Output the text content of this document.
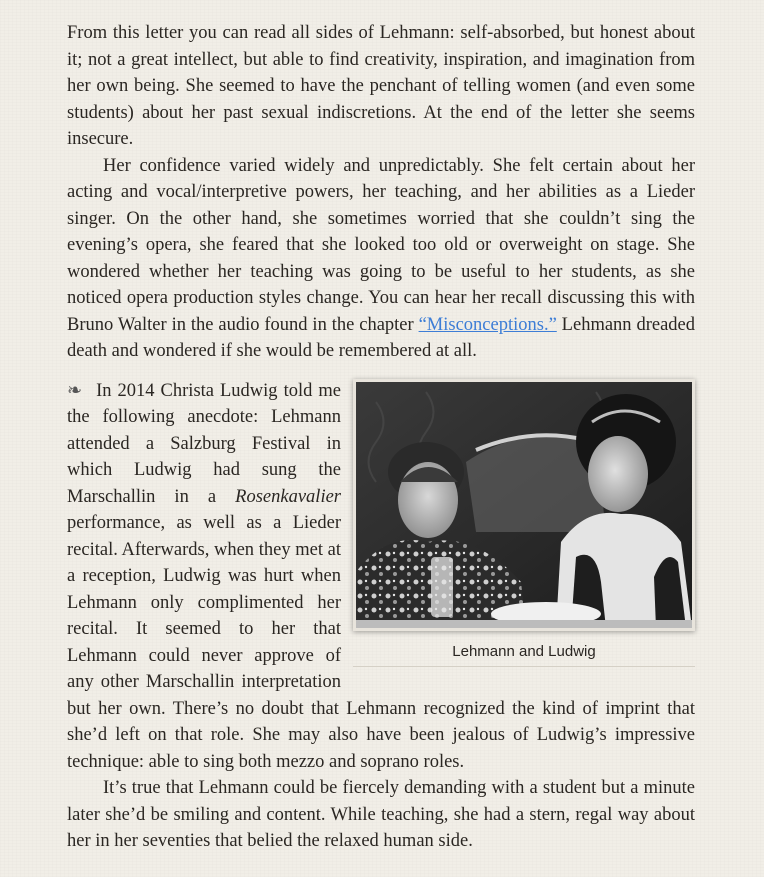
From this letter you can read all sides of Lehmann: self-absorbed, but honest about it; not a great intellect, but able to find creativity, inspiration, and imagination from her own being. She seemed to have the penchant of telling women (and even some students) about her past sexual indiscretions. At the end of the letter she seems insecure.

Her confidence varied widely and unpredictably. She felt certain about her acting and vocal/interpretive powers, her teaching, and her abilities as a Lieder singer. On the other hand, she sometimes worried that she couldn’t sing the evening’s opera, she feared that she looked too old or overweight on stage. She wondered whether her teaching was going to be useful to her students, as she noticed opera production styles change. You can hear her recall discussing this with Bruno Walter in the audio found in the chapter “Misconceptions.” Lehmann dreaded death and wondered if she would be remembered at all.

Lehmann and Ludwig

❧ In 2014 Christa Ludwig told me the following anecdote: Lehmann attended a Salzburg Festival in which Ludwig had sung the Marschallin in a Rosenkavalier performance, as well as a Lieder recital. Afterwards, when they met at a reception, Ludwig was hurt when Lehmann only complimented her recital. It seemed to her that Lehmann could never approve of any other Marschallin interpretation but her own. There’s no doubt that Lehmann recognized the kind of imprint that she’d left on that role. She may also have been jealous of Ludwig’s impressive technique: able to sing both mezzo and soprano roles.

It’s true that Lehmann could be fiercely demanding with a student but a minute later she’d be smiling and content. While teaching, she had a stern, regal way about her in her seventies that belied the relaxed human side.
